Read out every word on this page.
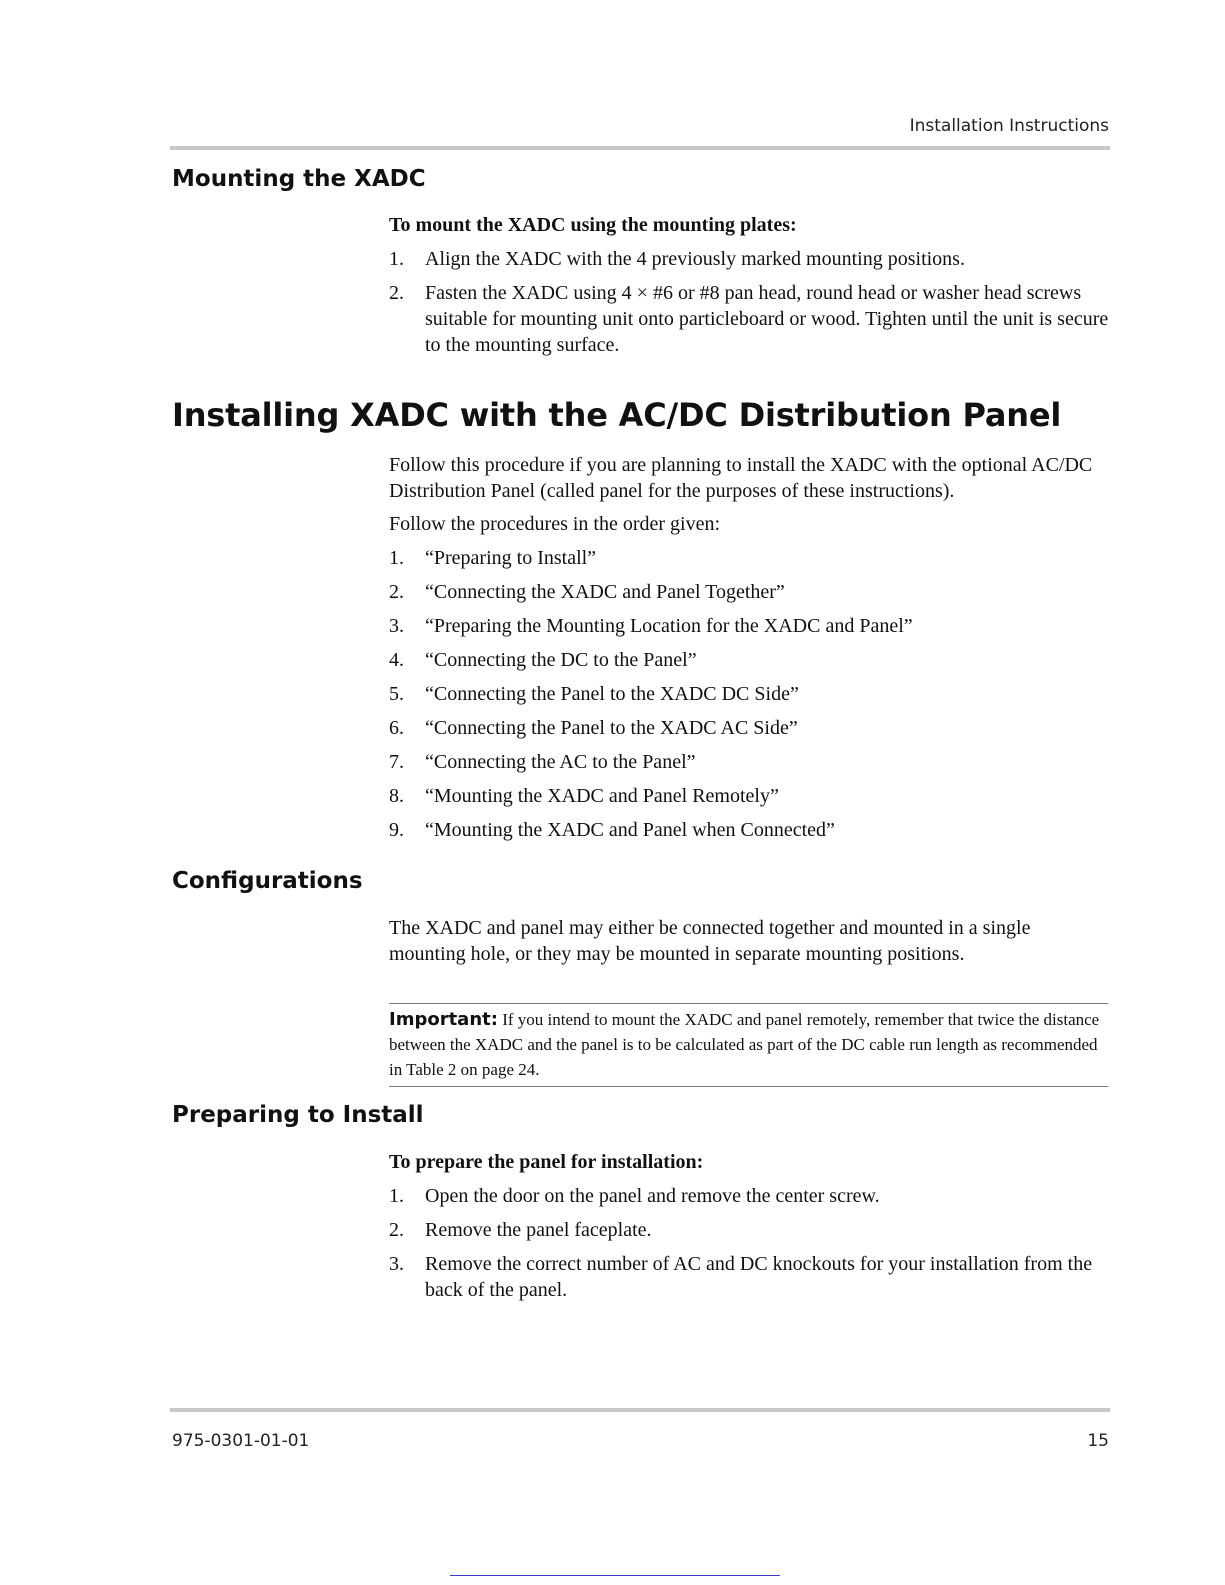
Installation Instructions
Mounting the XADC
To mount the XADC using the mounting plates:
1. Align the XADC with the 4 previously marked mounting positions.
2. Fasten the XADC using 4 × #6 or #8 pan head, round head or washer head screws suitable for mounting unit onto particleboard or wood. Tighten until the unit is secure to the mounting surface.
Installing XADC with the AC/DC Distribution Panel

Follow this procedure if you are planning to install the XADC with the optional AC/DC Distribution Panel (called panel for the purposes of these instructions).

Follow the procedures in the order given:

1. “Preparing to Install”
2. “Connecting the XADC and Panel Together”
3. “Preparing the Mounting Location for the XADC and Panel”
4. “Connecting the DC to the Panel”
5. “Connecting the Panel to the XADC DC Side”
6. “Connecting the Panel to the XADC AC Side”
7. “Connecting the AC to the Panel”
8. “Mounting the XADC and Panel Remotely”
9. “Mounting the XADC and Panel when Connected”
Configurations

The XADC and panel may either be connected together and mounted in a single mounting hole, or they may be mounted in separate mounting positions.

Important: If you intend to mount the XADC and panel remotely, remember that twice the distance between the XADC and the panel is to be calculated as part of the DC cable run length as recommended in Table 2 on page 24.
Preparing to Install
To prepare the panel for installation:
1. Open the door on the panel and remove the center screw.
2. Remove the panel faceplate.
3. Remove the correct number of AC and DC knockouts for your installation from the back of the panel.
975-0301-01-01	15
